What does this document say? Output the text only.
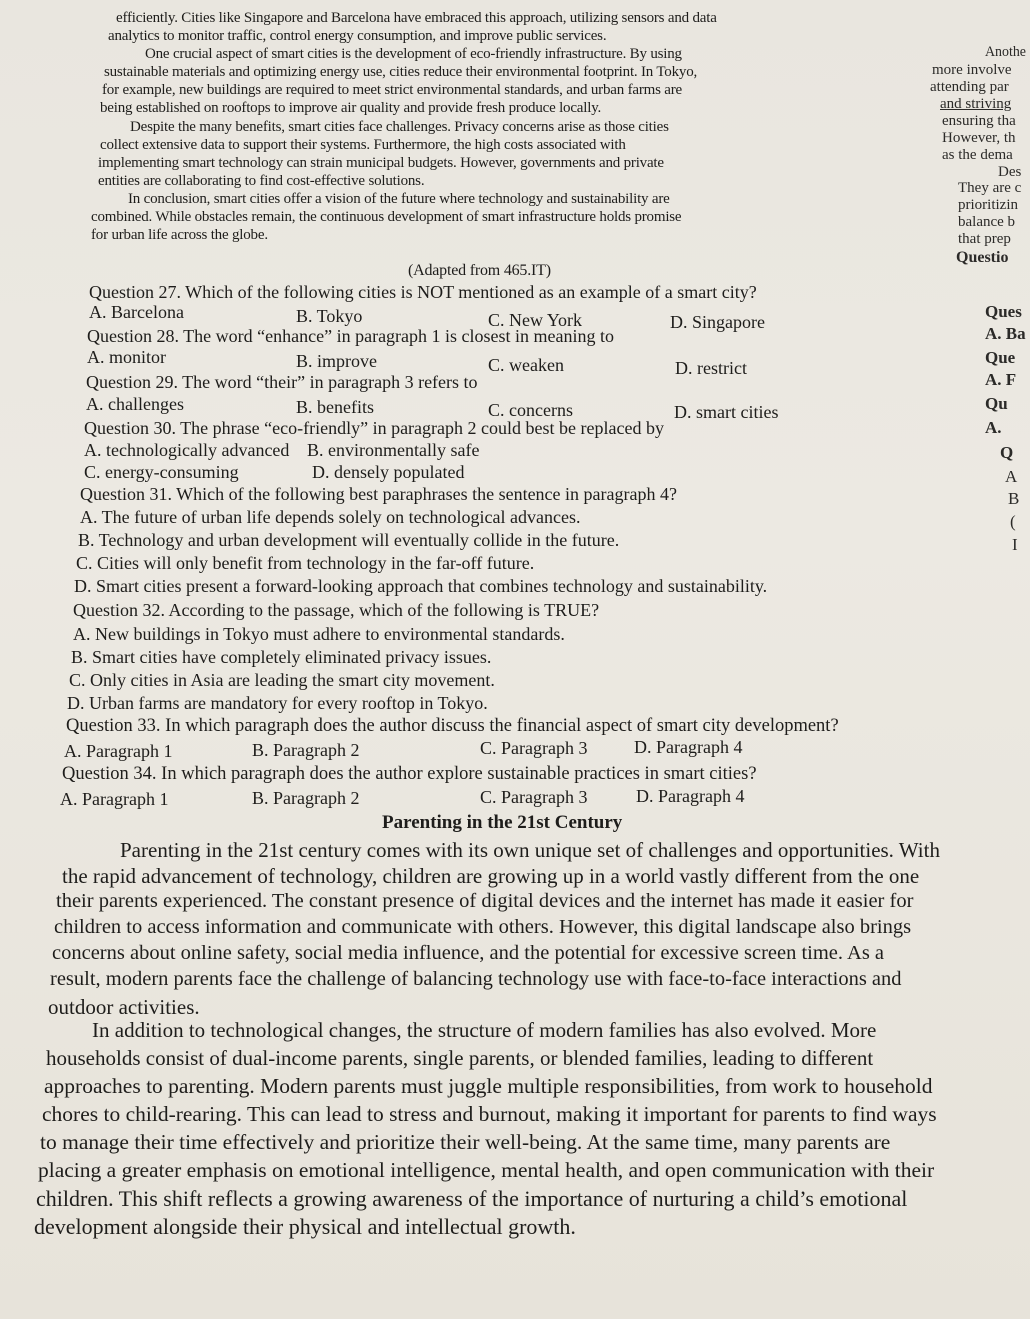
efficiently. Cities like Singapore and Barcelona have embraced this approach, utilizing sensors and data
analytics to monitor traffic, control energy consumption, and improve public services.
One crucial aspect of smart cities is the development of eco-friendly infrastructure. By using
sustainable materials and optimizing energy use, cities reduce their environmental footprint. In Tokyo,
for example, new buildings are required to meet strict environmental standards, and urban farms are
being established on rooftops to improve air quality and provide fresh produce locally.
Despite the many benefits, smart cities face challenges. Privacy concerns arise as those cities
collect extensive data to support their systems. Furthermore, the high costs associated with
implementing smart technology can strain municipal budgets. However, governments and private
entities are collaborating to find cost-effective solutions.
In conclusion, smart cities offer a vision of the future where technology and sustainability are
combined. While obstacles remain, the continuous development of smart infrastructure holds promise
for urban life across the globe.
(Adapted from 465.IT)
Anothe
more involve
attending par
and striving
ensuring tha
However, th
as the dema
Des
They are c
prioritizin
balance b
that prep
Questio
Ques
A. Ba
Que
A. F
Qu
A.
Q
A
B
(
I
Question 27. Which of the following cities is NOT mentioned as an example of a smart city?
A. Barcelona	B. Tokyo	C. New York	D. Singapore
Question 28. The word “enhance” in paragraph 1 is closest in meaning to
A. monitor	B. improve	C. weaken	D. restrict
Question 29. The word “their” in paragraph 3 refers to
A. challenges	B. benefits	C. concerns	D. smart cities
Question 30. The phrase “eco-friendly” in paragraph 2 could best be replaced by
A. technologically advanced B. environmentally safe
C. energy-consuming	D. densely populated
Question 31. Which of the following best paraphrases the sentence in paragraph 4?
A. The future of urban life depends solely on technological advances.
B. Technology and urban development will eventually collide in the future.
C. Cities will only benefit from technology in the far-off future.
D. Smart cities present a forward-looking approach that combines technology and sustainability.
Question 32. According to the passage, which of the following is TRUE?
A. New buildings in Tokyo must adhere to environmental standards.
B. Smart cities have completely eliminated privacy issues.
C. Only cities in Asia are leading the smart city movement.
D. Urban farms are mandatory for every rooftop in Tokyo.
Question 33. In which paragraph does the author discuss the financial aspect of smart city development?
A. Paragraph 1	B. Paragraph 2	C. Paragraph 3	D. Paragraph 4
Question 34. In which paragraph does the author explore sustainable practices in smart cities?
A. Paragraph 1	B. Paragraph 2	C. Paragraph 3	D. Paragraph 4
Parenting in the 21st Century
Parenting in the 21st century comes with its own unique set of challenges and opportunities. With
the rapid advancement of technology, children are growing up in a world vastly different from the one
their parents experienced. The constant presence of digital devices and the internet has made it easier for
children to access information and communicate with others. However, this digital landscape also brings
concerns about online safety, social media influence, and the potential for excessive screen time. As a
result, modern parents face the challenge of balancing technology use with face-to-face interactions and
outdoor activities.
In addition to technological changes, the structure of modern families has also evolved. More
households consist of dual-income parents, single parents, or blended families, leading to different
approaches to parenting. Modern parents must juggle multiple responsibilities, from work to household
chores to child-rearing. This can lead to stress and burnout, making it important for parents to find ways
to manage their time effectively and prioritize their well-being. At the same time, many parents are
placing a greater emphasis on emotional intelligence, mental health, and open communication with their
children. This shift reflects a growing awareness of the importance of nurturing a child’s emotional
development alongside their physical and intellectual growth.
